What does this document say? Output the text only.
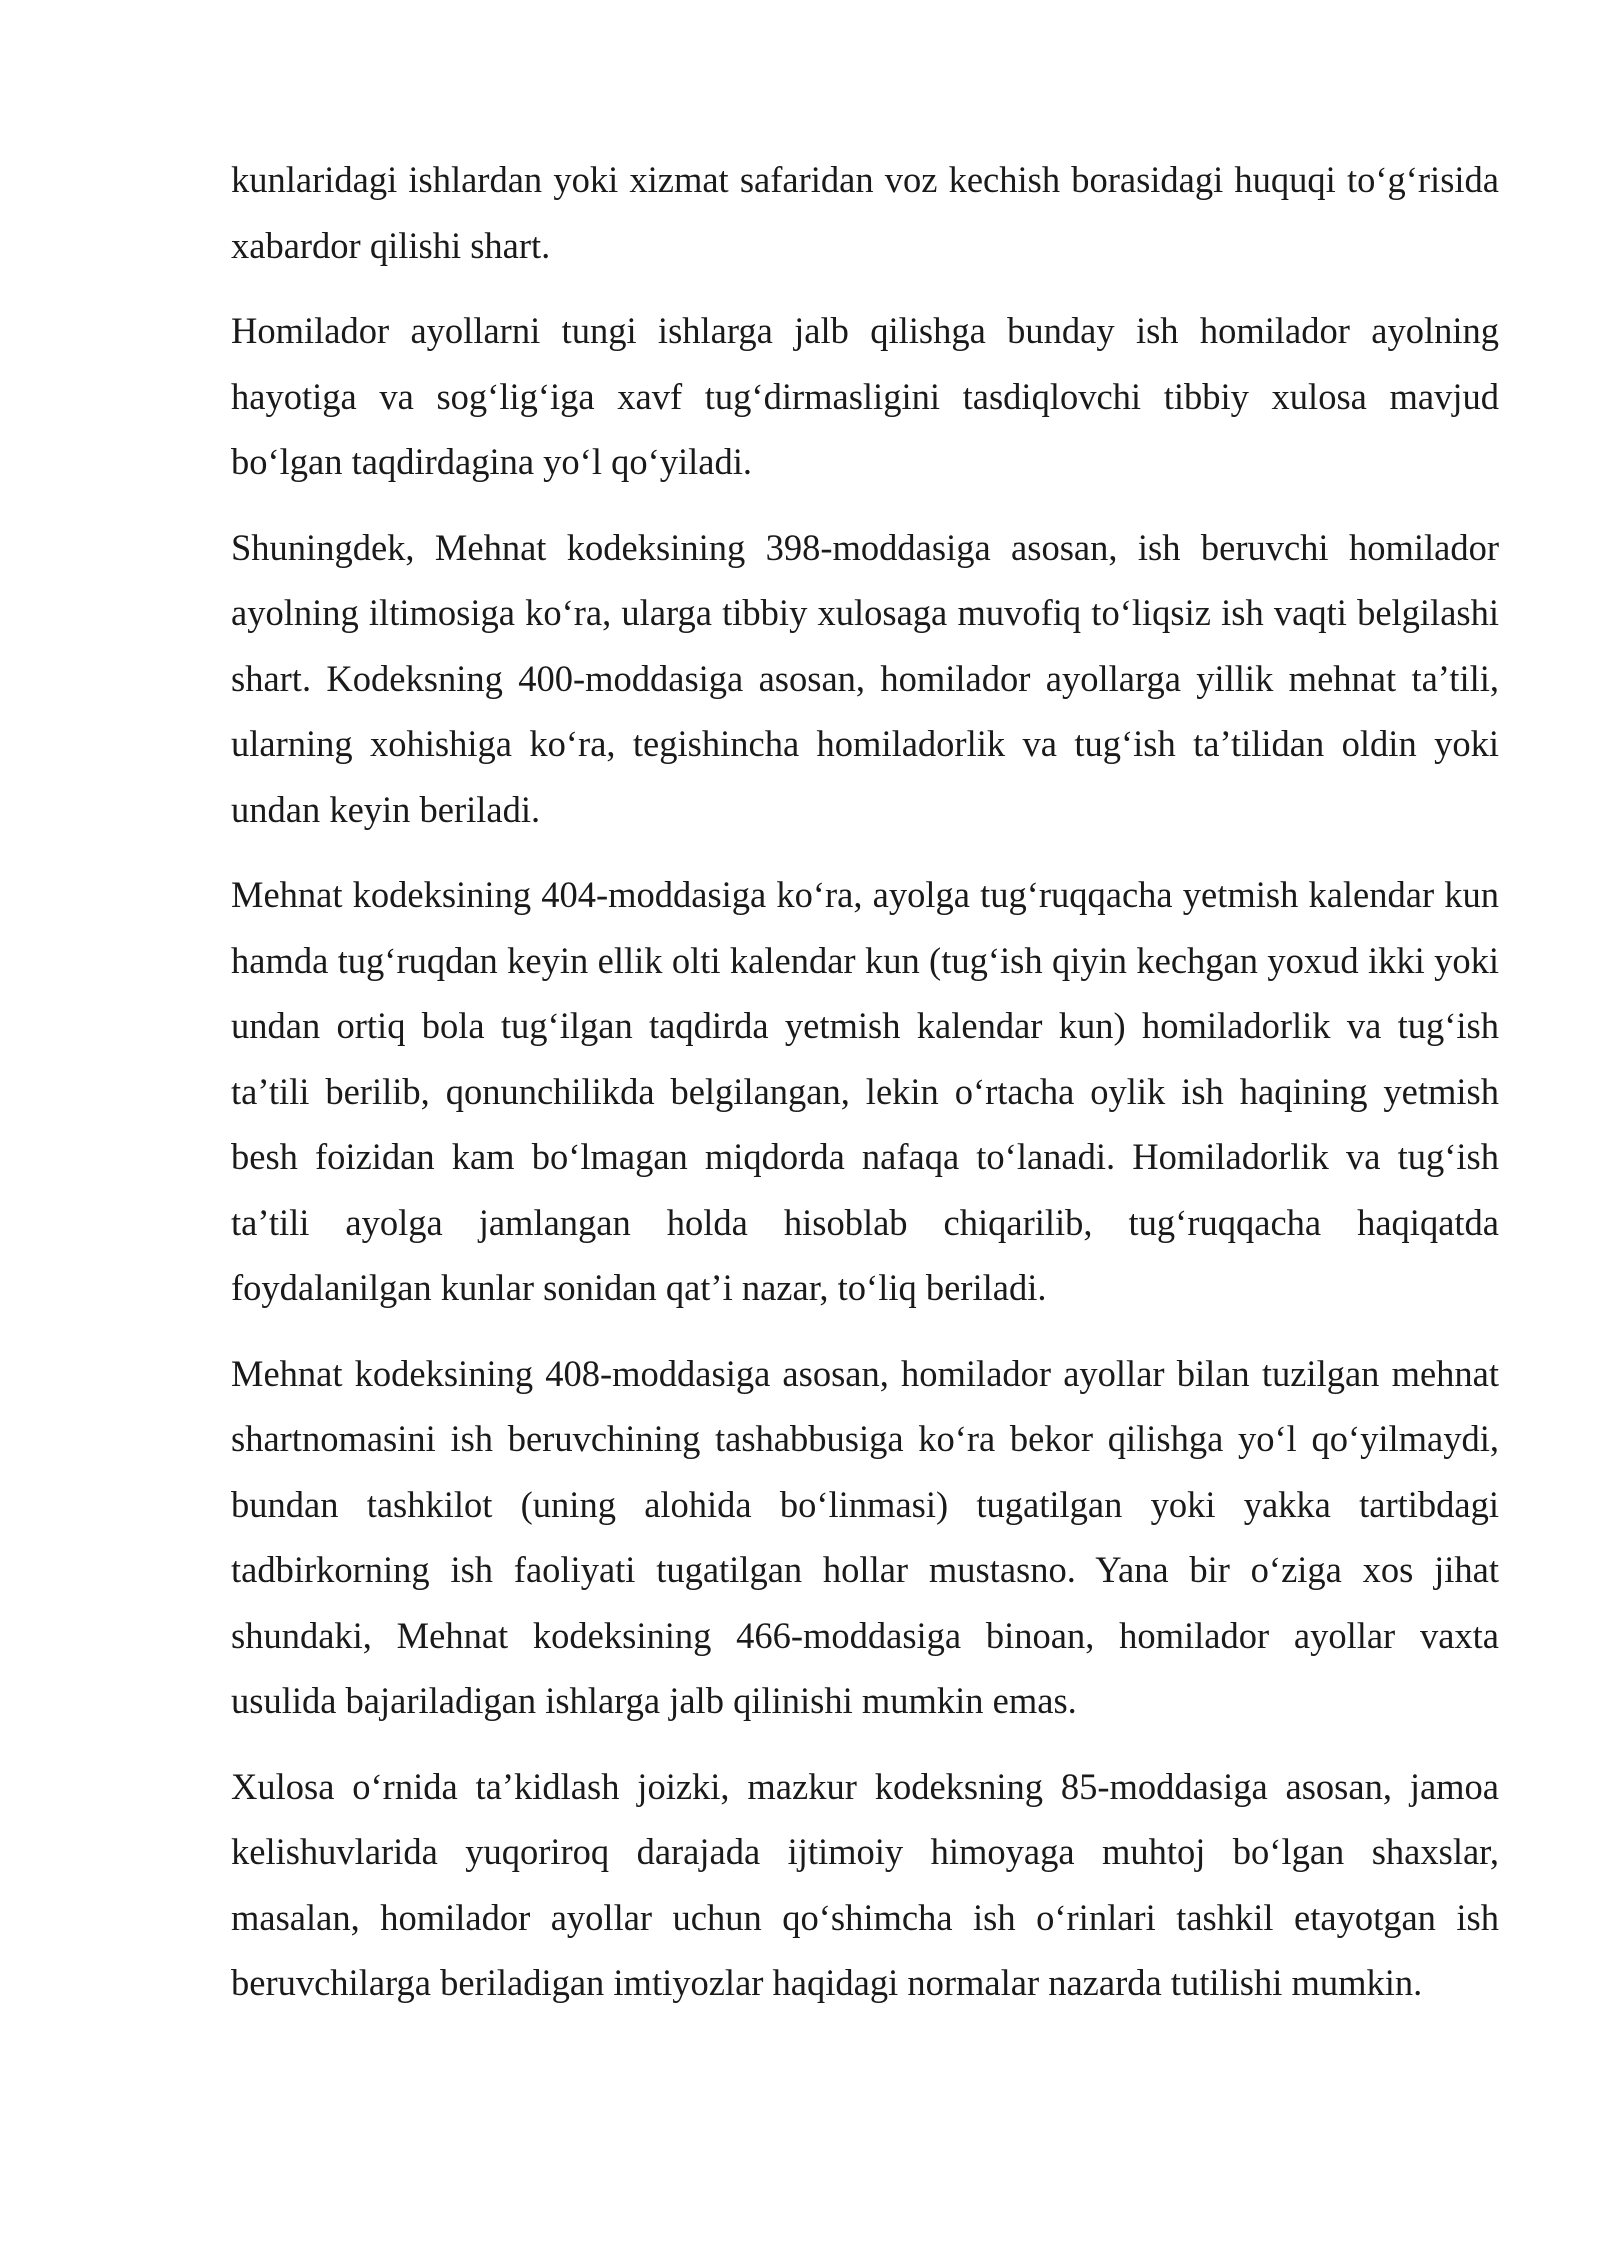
kunlaridagi ishlardan yoki xizmat safaridan voz kechish borasidagi huquqi to‘g‘risida xabardor qilishi shart.

Homilador ayollarni tungi ishlarga jalb qilishga bunday ish homilador ayolning hayotiga va sog‘lig‘iga xavf tug‘dirmasligini tasdiqlovchi tibbiy xulosa mavjud bo‘lgan taqdirdagina yo‘l qo‘yiladi.

Shuningdek, Mehnat kodeksining 398-moddasiga asosan, ish beruvchi homilador ayolning iltimosiga ko‘ra, ularga tibbiy xulosaga muvofiq to‘liqsiz ish vaqti belgilashi shart. Kodeksning 400-moddasiga asosan, homilador ayollarga yillik mehnat ta’tili, ularning xohishiga ko‘ra, tegishincha homiladorlik va tug‘ish ta’tilidan oldin yoki undan keyin beriladi.

Mehnat kodeksining 404-moddasiga ko‘ra, ayolga tug‘ruqqacha yetmish kalendar kun hamda tug‘ruqdan keyin ellik olti kalendar kun (tug‘ish qiyin kechgan yoxud ikki yoki undan ortiq bola tug‘ilgan taqdirda yetmish kalendar kun) homiladorlik va tug‘ish ta’tili berilib, qonunchilikda belgilangan, lekin o‘rtacha oylik ish haqining yetmish besh foizidan kam bo‘lmagan miqdorda nafaqa to‘lanadi. Homiladorlik va tug‘ish ta’tili ayolga jamlangan holda hisoblab chiqarilib, tug‘ruqqacha haqiqatda foydalanilgan kunlar sonidan qat’i nazar, to‘liq beriladi.

Mehnat kodeksining 408-moddasiga asosan, homilador ayollar bilan tuzilgan mehnat shartnomasini ish beruvchining tashabbusiga ko‘ra bekor qilishga yo‘l qo‘yilmaydi, bundan tashkilot (uning alohida bo‘linmasi) tugatilgan yoki yakka tartibdagi tadbirkorning ish faoliyati tugatilgan hollar mustasno. Yana bir o‘ziga xos jihat shundaki, Mehnat kodeksining 466-moddasiga binoan, homilador ayollar vaxta usulida bajariladigan ishlarga jalb qilinishi mumkin emas.

Xulosa o‘rnida ta’kidlash joizki, mazkur kodeksning 85-moddasiga asosan, jamoa kelishuvlarida yuqoriroq darajada ijtimoiy himoyaga muhtoj bo‘lgan shaxslar, masalan, homilador ayollar uchun qo‘shimcha ish o‘rinlari tashkil etayotgan ish beruvchilarga beriladigan imtiyozlar haqidagi normalar nazarda tutilishi mumkin.
